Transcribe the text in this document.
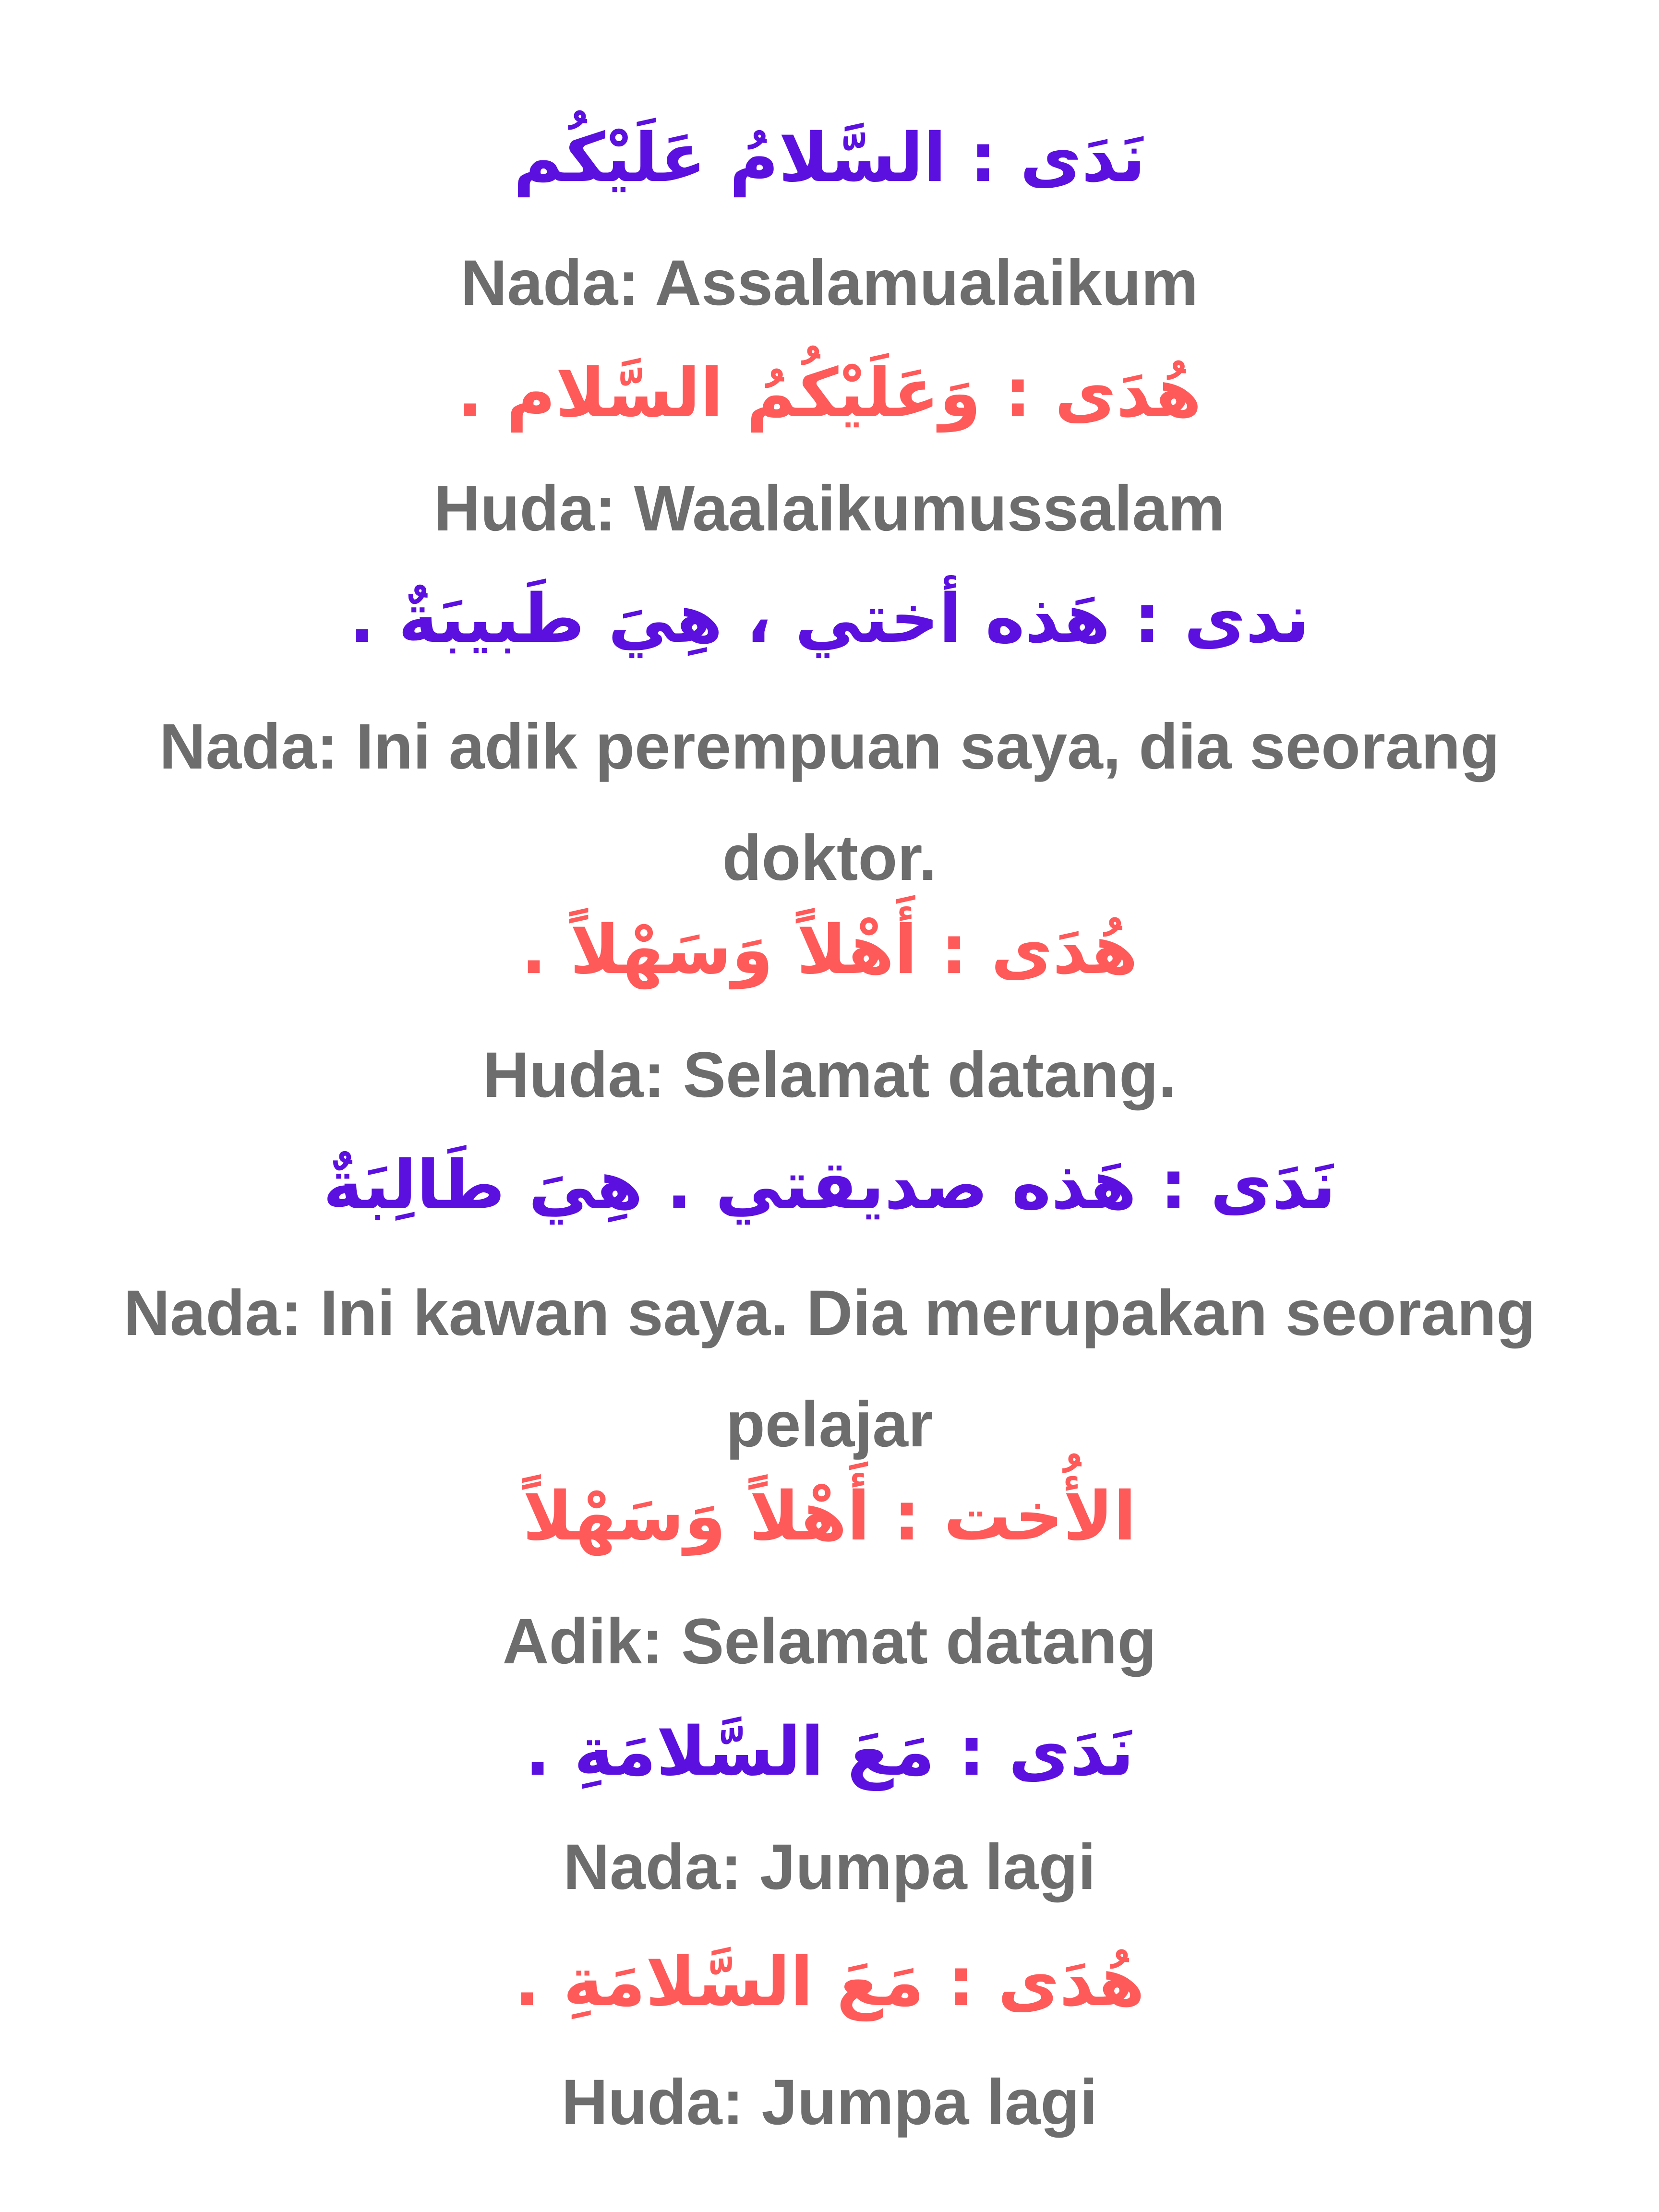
نَدَى : السَّلامُ عَلَيْكُم
Nada: Assalamualaikum
هُدَى : وَعَلَيْكُمُ السَّلام .
Huda: Waalaikumussalam
ندى : هَذه أختي ، هِيَ طَبيبَةٌ .
Nada: Ini adik perempuan saya, dia seorang doktor.
هُدَى : أَهْلاً وَسَهْلاً .
Huda: Selamat datang.
نَدَى : هَذه صديقتي . هِيَ طَالِبَةٌ
Nada: Ini kawan saya. Dia merupakan seorang pelajar
الأُخت : أَهْلاً وَسَهْلاً
Adik: Selamat datang
نَدَى : مَعَ السَّلامَةِ .
Nada: Jumpa lagi
هُدَى : مَعَ السَّلامَةِ .
Huda: Jumpa lagi
